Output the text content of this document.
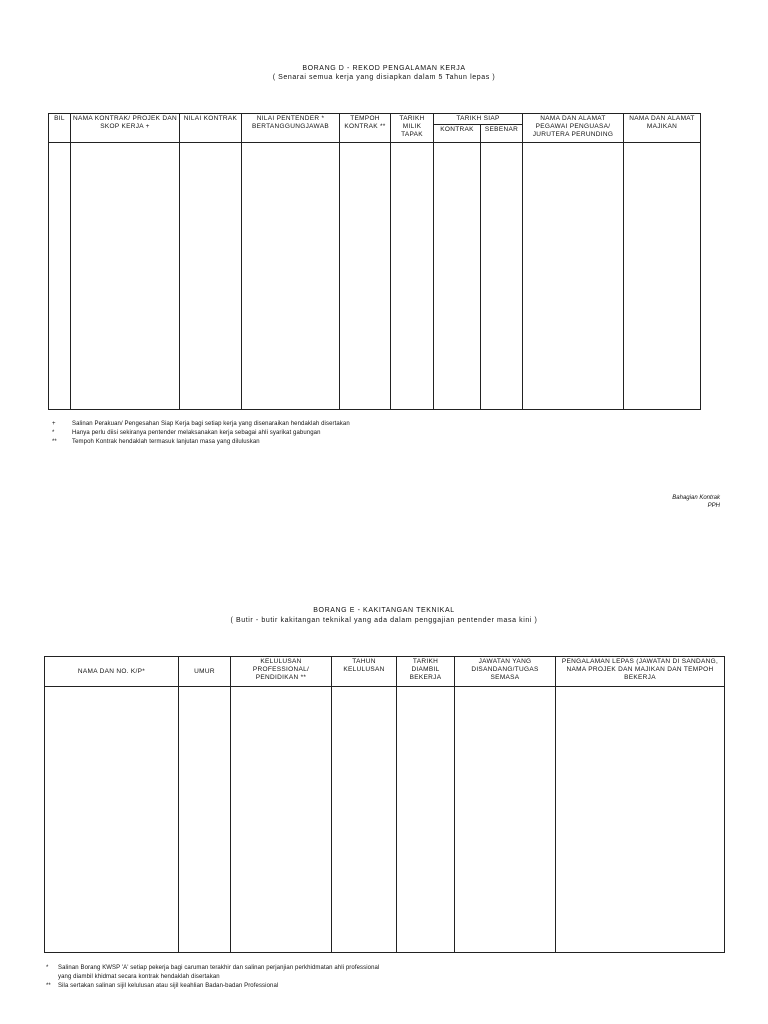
BORANG D - REKOD PENGALAMAN KERJA
( Senarai semua kerja yang disiapkan dalam 5 Tahun lepas )
BIL	NAMA KONTRAK/ PROJEK DAN SKOP KERJA +	NILAI KONTRAK	NILAI PENTENDER * BERTANGGUNGJAWAB	TEMPOH KONTRAK **	TARIKH MILIK TAPAK	TARIKH SIAP		NAMA DAN ALAMAT PEGAWAI PENGUASA/ JURUTERA PERUNDING	NAMA DAN ALAMAT MAJIKAN
						KONTRAK	SEBENAR		

+	Salinan Perakuan/ Pengesahan Siap Kerja bagi setiap kerja yang disenaraikan hendaklah disertakan
*	Hanya perlu diisi sekiranya pentender melaksanakan kerja sebagai ahli syarikat gabungan
**	Tempoh Kontrak hendaklah termasuk lanjutan masa yang diluluskan
Bahagian Kontrak
PPH
BORANG E - KAKITANGAN TEKNIKAL
( Butir - butir kakitangan teknikal yang ada dalam penggajian pentender masa kini )
NAMA DAN NO. K/P*	UMUR	KELULUSAN PROFESSIONAL/ PENDIDIKAN **	TAHUN KELULUSAN	TARIKH DIAMBIL BEKERJA	JAWATAN YANG DISANDANG/TUGAS SEMASA	PENGALAMAN LEPAS (JAWATAN DI SANDANG, NAMA PROJEK DAN MAJIKAN DAN TEMPOH BEKERJA

* Salinan Borang KWSP 'A' setiap pekerja bagi caruman terakhir dan salinan perjanjian perkhidmatan ahli professional
yang diambil khidmat secara kontrak hendaklah disertakan
** Sila sertakan salinan sijil kelulusan atau sijil keahlian Badan-badan Professional
